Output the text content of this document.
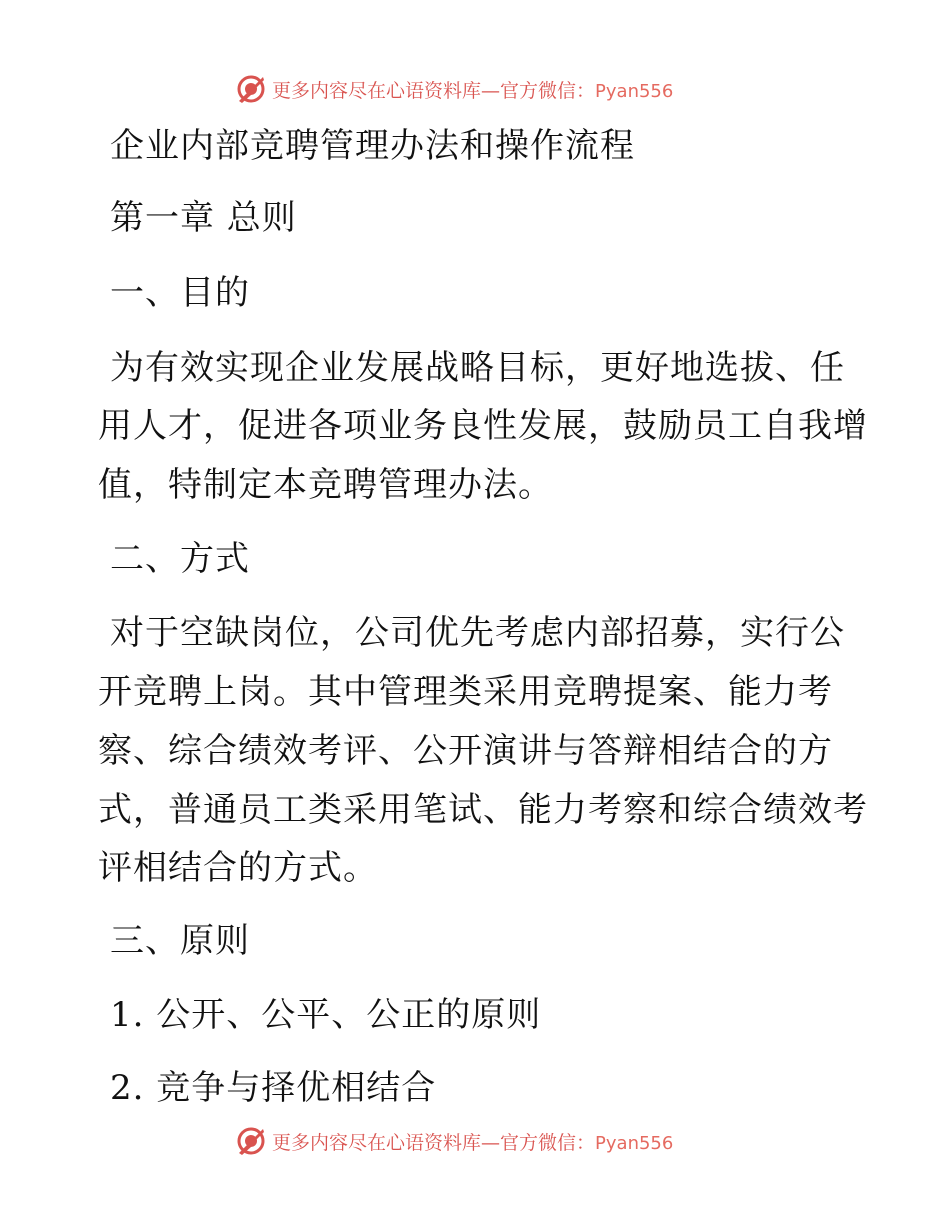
更多内容尽在心语资料库—官方微信：Pyan556
企业内部竞聘管理办法和操作流程
第一章 总则
一、目的
为有效实现企业发展战略目标，更好地选拔、任
用人才，促进各项业务良性发展，鼓励员工自我增
值，特制定本竞聘管理办法。
二、方式
对于空缺岗位，公司优先考虑内部招募，实行公
开竞聘上岗。其中管理类采用竞聘提案、能力考
察、综合绩效考评、公开演讲与答辩相结合的方
式，普通员工类采用笔试、能力考察和综合绩效考
评相结合的方式。
三、原则
1. 公开、公平、公正的原则
2. 竞争与择优相结合
更多内容尽在心语资料库—官方微信：Pyan556
